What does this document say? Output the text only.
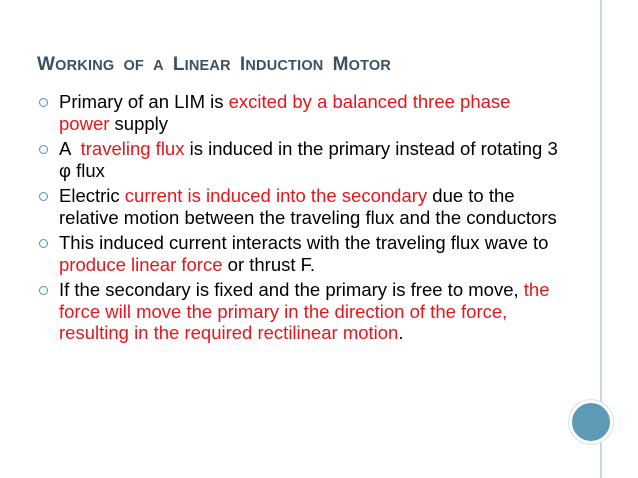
WORKING OF A LINEAR INDUCTION MOTOR
Primary of an LIM is excited by a balanced three phase power supply
A  traveling flux is induced in the primary instead of rotating 3 φ flux
Electric current is induced into the secondary due to the relative motion between the traveling flux and the conductors
This induced current interacts with the traveling flux wave to produce linear force or thrust F.
If the secondary is fixed and the primary is free to move, the force will move the primary in the direction of the force, resulting in the required rectilinear motion.
